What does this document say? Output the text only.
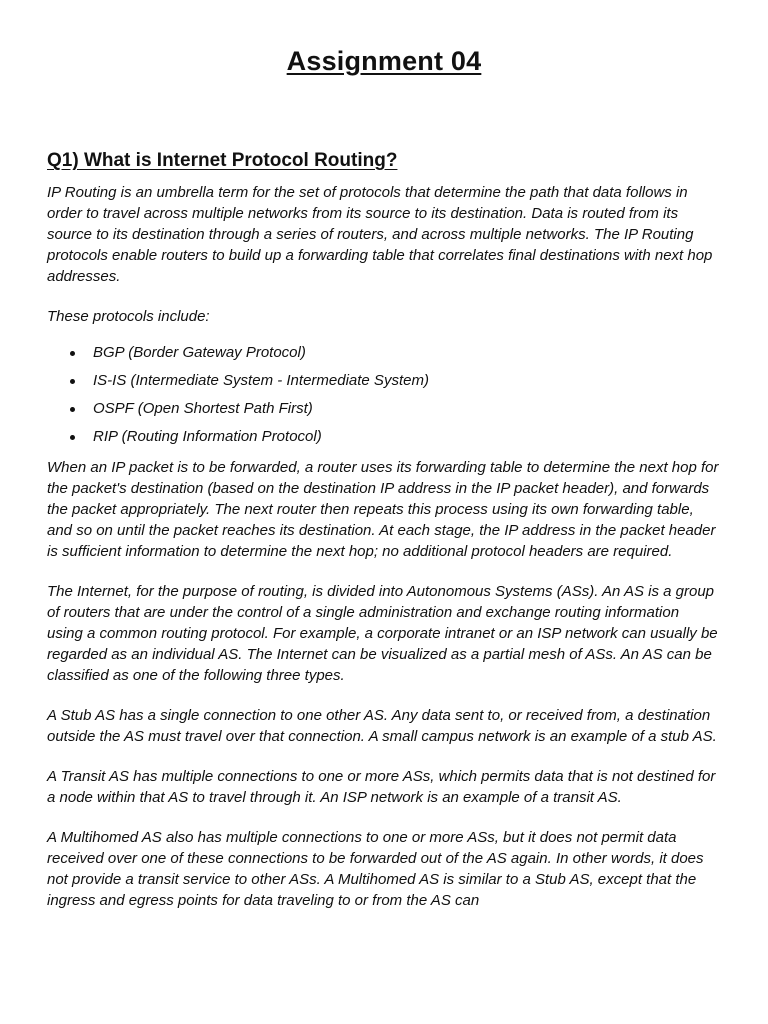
Assignment 04
Q1) What is Internet Protocol Routing?

IP Routing is an umbrella term for the set of protocols that determine the path that data follows in order to travel across multiple networks from its source to its destination. Data is routed from its source to its destination through a series of routers, and across multiple networks. The IP Routing protocols enable routers to build up a forwarding table that correlates final destinations with next hop addresses.

These protocols include:

BGP (Border Gateway Protocol)
IS-IS (Intermediate System - Intermediate System)
OSPF (Open Shortest Path First)
RIP (Routing Information Protocol)

When an IP packet is to be forwarded, a router uses its forwarding table to determine the next hop for the packet's destination (based on the destination IP address in the IP packet header), and forwards the packet appropriately. The next router then repeats this process using its own forwarding table, and so on until the packet reaches its destination. At each stage, the IP address in the packet header is sufficient information to determine the next hop; no additional protocol headers are required.

The Internet, for the purpose of routing, is divided into Autonomous Systems (ASs). An AS is a group of routers that are under the control of a single administration and exchange routing information using a common routing protocol. For example, a corporate intranet or an ISP network can usually be regarded as an individual AS. The Internet can be visualized as a partial mesh of ASs. An AS can be classified as one of the following three types.

A Stub AS has a single connection to one other AS. Any data sent to, or received from, a destination outside the AS must travel over that connection. A small campus network is an example of a stub AS.

A Transit AS has multiple connections to one or more ASs, which permits data that is not destined for a node within that AS to travel through it. An ISP network is an example of a transit AS.

A Multihomed AS also has multiple connections to one or more ASs, but it does not permit data received over one of these connections to be forwarded out of the AS again. In other words, it does not provide a transit service to other ASs. A Multihomed AS is similar to a Stub AS, except that the ingress and egress points for data traveling to or from the AS can
